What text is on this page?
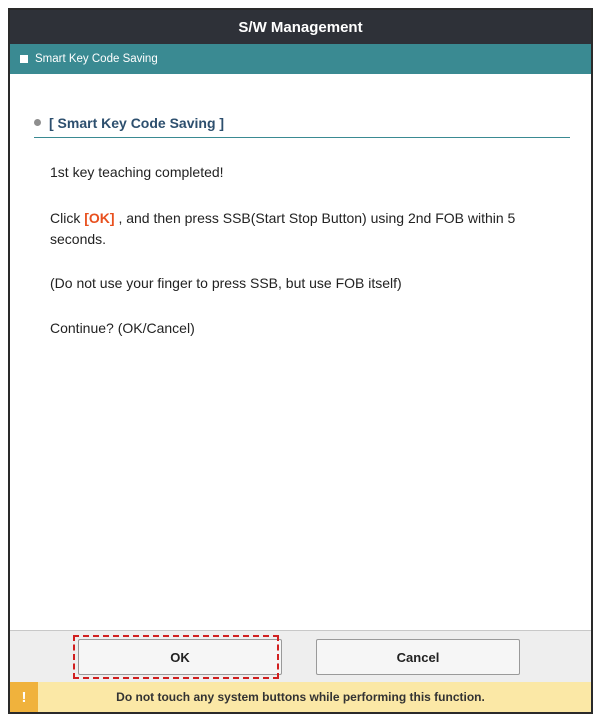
S/W Management
Smart Key Code Saving
[ Smart Key Code Saving ]
1st key teaching completed!
Click [OK] , and then press SSB(Start Stop Button) using 2nd FOB within 5 seconds.
(Do not use your finger to press SSB, but use FOB itself)
Continue? (OK/Cancel)
OK	Cancel
!	Do not touch any system buttons while performing this function.
